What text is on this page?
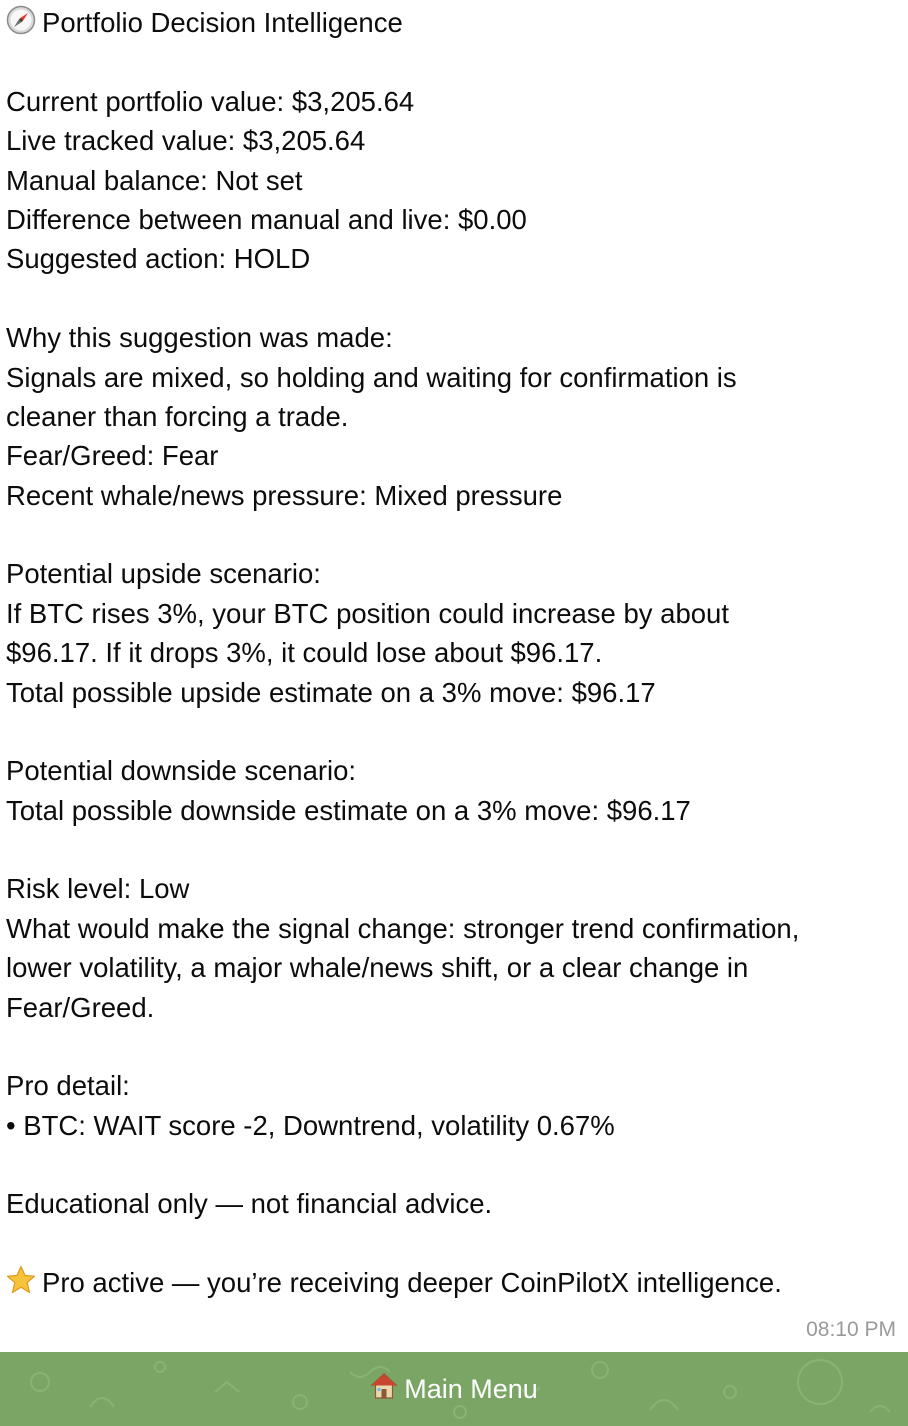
Portfolio Decision Intelligence
Current portfolio value: $3,205.64
Live tracked value: $3,205.64
Manual balance: Not set
Difference between manual and live: $0.00
Suggested action: HOLD
Why this suggestion was made:
Signals are mixed, so holding and waiting for confirmation is
cleaner than forcing a trade.
Fear/Greed: Fear
Recent whale/news pressure: Mixed pressure
Potential upside scenario:
If BTC rises 3%, your BTC position could increase by about
$96.17. If it drops 3%, it could lose about $96.17.
Total possible upside estimate on a 3% move: $96.17
Potential downside scenario:
Total possible downside estimate on a 3% move: $96.17
Risk level: Low
What would make the signal change: stronger trend confirmation,
lower volatility, a major whale/news shift, or a clear change in
Fear/Greed.
Pro detail:
• BTC: WAIT score -2, Downtrend, volatility 0.67%
Educational only — not financial advice.
Pro active — you’re receiving deeper CoinPilotX intelligence.
08:10 PM
Main Menu
